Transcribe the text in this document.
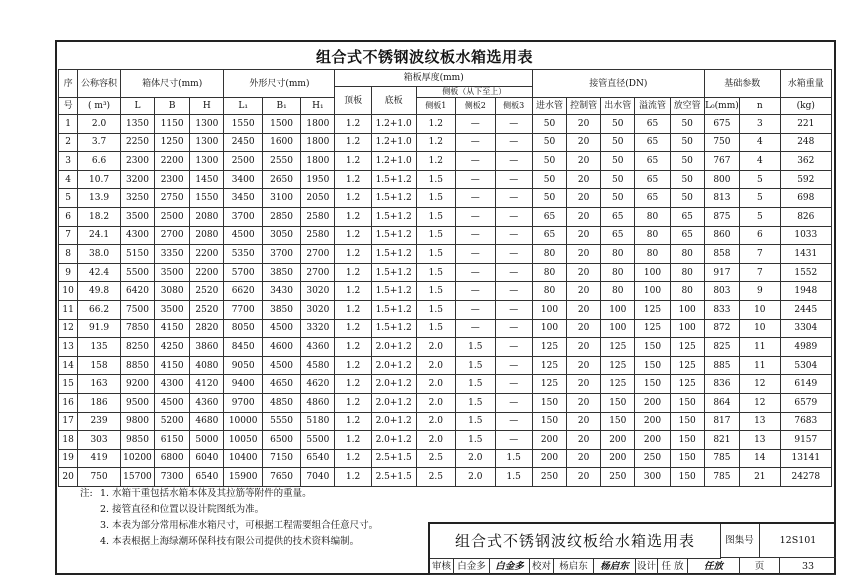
组合式不锈钢波纹板水箱选用表
序	公称容积	箱体尺寸(mm)			外形尺寸(mm)			箱板厚度(mm)					接管直径(DN)					基础参数		水箱重量
								顶板	底板	侧板（从下至上）										
号	( m³)	L	B	H	L₁	B₁	H₁			侧板1	侧板2	侧板3	进水管	控制管	出水管	溢流管	放空管	L₀(mm)	n	(kg)

1	2.0	1350	1150	1300	1550	1500	1800	1.2	1.2+1.0	1.2	—	—	50	20	50	65	50	675	3	221
2	3.7	2250	1250	1300	2450	1600	1800	1.2	1.2+1.0	1.2	—	—	50	20	50	65	50	750	4	248
3	6.6	2300	2200	1300	2500	2550	1800	1.2	1.2+1.0	1.2	—	—	50	20	50	65	50	767	4	362
4	10.7	3200	2300	1450	3400	2650	1950	1.2	1.5+1.2	1.5	—	—	50	20	50	65	50	800	5	592
5	13.9	3250	2750	1550	3450	3100	2050	1.2	1.5+1.2	1.5	—	—	50	20	50	65	50	813	5	698
6	18.2	3500	2500	2080	3700	2850	2580	1.2	1.5+1.2	1.5	—	—	65	20	65	80	65	875	5	826
7	24.1	4300	2700	2080	4500	3050	2580	1.2	1.5+1.2	1.5	—	—	65	20	65	80	65	860	6	1033
8	38.0	5150	3350	2200	5350	3700	2700	1.2	1.5+1.2	1.5	—	—	80	20	80	80	80	858	7	1431
9	42.4	5500	3500	2200	5700	3850	2700	1.2	1.5+1.2	1.5	—	—	80	20	80	100	80	917	7	1552
10	49.8	6420	3080	2520	6620	3430	3020	1.2	1.5+1.2	1.5	—	—	80	20	80	100	80	803	9	1948
11	66.2	7500	3500	2520	7700	3850	3020	1.2	1.5+1.2	1.5	—	—	100	20	100	125	100	833	10	2445
12	91.9	7850	4150	2820	8050	4500	3320	1.2	1.5+1.2	1.5	—	—	100	20	100	125	100	872	10	3304
13	135	8250	4250	3860	8450	4600	4360	1.2	2.0+1.2	2.0	1.5	—	125	20	125	150	125	825	11	4989
14	158	8850	4150	4080	9050	4500	4580	1.2	2.0+1.2	2.0	1.5	—	125	20	125	150	125	885	11	5304
15	163	9200	4300	4120	9400	4650	4620	1.2	2.0+1.2	2.0	1.5	—	125	20	125	150	125	836	12	6149
16	186	9500	4500	4360	9700	4850	4860	1.2	2.0+1.2	2.0	1.5	—	150	20	150	200	150	864	12	6579
17	239	9800	5200	4680	10000	5550	5180	1.2	2.0+1.2	2.0	1.5	—	150	20	150	200	150	817	13	7683
18	303	9850	6150	5000	10050	6500	5500	1.2	2.0+1.2	2.0	1.5	—	200	20	200	200	150	821	13	9157
19	419	10200	6800	6040	10400	7150	6540	1.2	2.5+1.5	2.5	2.0	1.5	200	20	200	250	150	785	14	13141
20	750	15700	7300	6540	15900	7650	7040	1.2	2.5+1.5	2.5	2.0	1.5	250	20	250	300	150	785	21	24278
注: 1. 水箱干重包括水箱本体及其拉筋等附件的重量。
2. 接管直径和位置以设计院图纸为准。
3. 本表为部分常用标准水箱尺寸，可根据工程需要组合任意尺寸。
4. 本表根据上海绿潮环保科技有限公司提供的技术资料编制。	组合式不锈钢波纹板给水箱选用表	图集号	12S101
审核 白金多 白金多 校对 杨启东	杨启东 设计 任 放	任放	页	33
